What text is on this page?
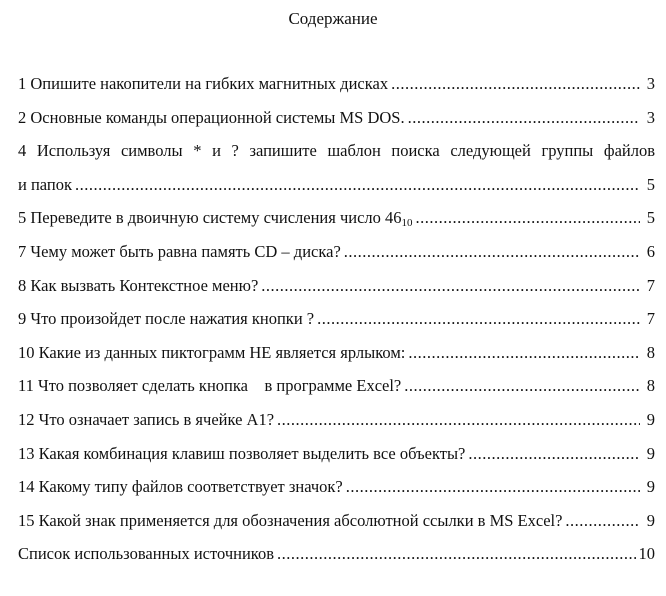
Содержание
1 Опишите накопители на гибких магнитных дисках .....	3
2 Основные команды операционной системы MS DOS. .....	3
4 Используя символы * и ? запишите шаблон поиска следующей группы файлов
и папок .....	5
5 Переведите в двоичную систему счисления число $46_{10}$ .....	5
7 Чему может быть равна память CD – диска? .....	6
8 Как вызвать Контекстное меню? .....	7
9 Что произойдет после нажатия кнопки ? .....	7
10 Какие из данных пиктограмм НЕ является ярлыком: .....	8
11 Что позволяет сделать кнопка    в программе Excel? .....	8
12 Что означает запись в ячейке А1? .....	9
13 Какая комбинация клавиш позволяет выделить все объекты? .....	9
14 Какому типу файлов соответствует значок? .....	9
15 Какой знак применяется для обозначения абсолютной ссылки в MS Excel? .....	9
Список использованных источников .....	10
